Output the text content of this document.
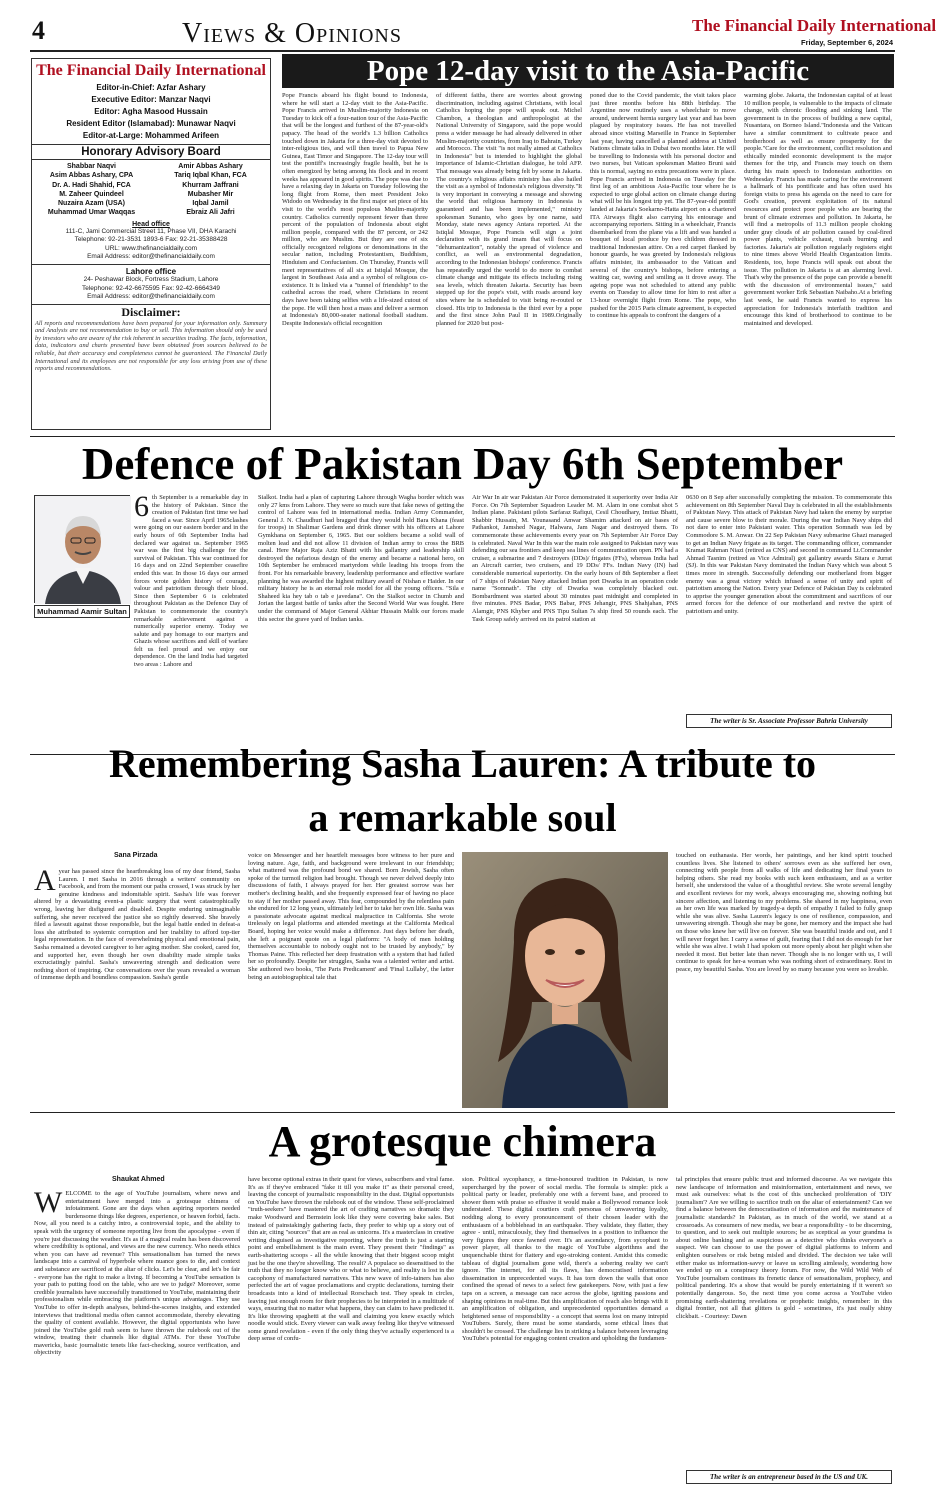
4	Views & Opinions	The Financial Daily International
Friday, September 6, 2024
The Financial Daily International
Editor-in-Chief: Azfar Ashary
Executive Editor: Manzar Naqvi
Editor: Agha Masood Hussain
Resident Editor (Islamabad): Munawar Naqvi
Editor-at-Large: Mohammed Arifeen
Honorary Advisory Board
Shabbar Naqvi
Asim Abbas Ashary, CPA
Dr. A. Hadi Shahid, FCA
M. Zaheer Quindeel
Nuzaira Azam (USA)
Muhammad Umar Waqqas
Amir Abbas Ashary
Tariq Iqbal Khan, FCA
Khurram Jaffrani
Mubasher Mir
Iqbal Jamil
Ebraiz Ali Jafri
Head office
111-C, Jami Commercial Street 11, Phase VII, DHA Karachi
Telephone: 92-21-3531 1893-6 Fax: 92-21-35388428
URL: www.thefinancialdaily.com
Email Address: editor@thefinancialdaily.com
Lahore office
24- Peshawar Block, Fortress Stadium, Lahore
Telephone: 92-42-6675595 Fax: 92-42-6664349
Email Address: editor@thefinancialdaily.com
Disclaimer:
All reports and recommendations have been prepared for your information only. Summary and Analysis are not recommendation to buy or sell. This information should only be used by investors who are aware of the risk inherent in securities trading. The facts, information, data, indicators and charts presented have been obtained from sources believed to be reliable, but their accuracy and completeness cannot be guaranteed. The Financial Daily International and its employees are not responsible for any loss arising from use of these reports and recommendations.
Pope 12-day visit to the Asia-Pacific
Pope Francis aboard his flight bound to Indonesia, where he will start a 12-day visit to the Asia-Pacific. Pope Francis arrived in Muslim-majority Indonesia on Tuesday to kick off a four-nation tour of the Asia-Pacific that will be the longest and furthest of the 87-year-old's papacy. The head of the world's 1.3 billion Catholics touched down in Jakarta for a three-day visit devoted to inter-religious ties, and will then travel to Papua New Guinea, East Timor and Singapore. The 12-day tour will test the pontiff's increasingly fragile health, but he is often energized by being among his flock and in recent weeks has appeared in good spirits. The pope was due to have a relaxing day in Jakarta on Tuesday following the long flight from Rome, then meet President Joko Widodo on Wednesday in the first major set piece of his visit to the world's most populous Muslim-majority country. Catholics currently represent fewer than three percent of the population of Indonesia about eight million people, compared with the 87 percent, or 242 million, who are Muslim. But they are one of six officially recognized religions or denominations in the secular nation, including Protestantism, Buddhism, Hinduism and Confucianism. On Thursday, Francis will meet representatives of all six at Istiqlal Mosque, the largest in Southeast Asia and a symbol of religious co-existence. It is linked via a "tunnel of friendship" to the cathedral across the road, where Christians in recent days have been taking selfies with a life-sized cutout of the pope. He will then host a mass and deliver a sermon at Indonesia's 80,000-seater national football stadium. Despite Indonesia's official recognition
of different faiths, there are worries about growing discrimination, including against Christians, with local Catholics hoping the pope will speak out. Michel Chambon, a theologian and anthropologist at the National University of Singapore, said the pope would press a wider message he had already delivered in other Muslim-majority countries, from Iraq to Bahrain, Turkey and Morocco. The visit "is not really aimed at Catholics in Indonesia" but is intended to highlight the global importance of Islamic-Christian dialogue, he told AFP. That message was already being felt by some in Jakarta. The country's religious affairs ministry has also hailed the visit as a symbol of Indonesia's religious diversity."It is very important in conveying a message and showing the world that religious harmony in Indonesia is guaranteed and has been implemented," ministry spokesman Sunanto, who goes by one name, said Monday, state news agency Antara reported. At the Istiqlal Mosque, Pope Francis will sign a joint declaration with its grand imam that will focus on "dehumanization", notably the spread of violence and conflict, as well as environmental degradation, according to the Indonesian bishops' conference. Francis has repeatedly urged the world to do more to combat climate change and mitigate its effects including rising sea levels, which threaten Jakarta. Security has been stepped up for the pope's visit, with roads around key sites where he is scheduled to visit being re-routed or closed. His trip to Indonesia is the third ever by a pope and the first since John Paul II in 1989.Originally planned for 2020 but post-
poned due to the Covid pandemic, the visit takes place just three months before his 88th birthday. The Argentine now routinely uses a wheelchair to move around, underwent hernia surgery last year and has been plagued by respiratory issues. He has not travelled abroad since visiting Marseille in France in September last year, having cancelled a planned address at United Nations climate talks in Dubai two months later. He will be travelling to Indonesia with his personal doctor and two nurses, but Vatican spokesman Matteo Bruni said this is normal, saying no extra precautions were in place. Pope Francis arrived in Indonesia on Tuesday for the first leg of an ambitious Asia-Pacific tour where he is expected to urge global action on climate change during what will be his longest trip yet. The 87-year-old pontiff landed at Jakarta's Soekarno-Hatta airport on a chartered ITA Airways flight also carrying his entourage and accompanying reporters. Sitting in a wheelchair, Francis disembarked from the plane via a lift and was handed a bouquet of local produce by two children dressed in traditional Indonesian attire. On a red carpet flanked by honour guards, he was greeted by Indonesia's religious affairs minister, its ambassador to the Vatican and several of the country's bishops, before entering a waiting car, waving and smiling as it drove away. The ageing pope was not scheduled to attend any public events on Tuesday to allow time for him to rest after a 13-hour overnight flight from Rome. The pope, who pushed for the 2015 Paris climate agreement, is expected to continue his appeals to confront the dangers of a
warming globe. Jakarta, the Indonesian capital of at least 10 million people, is vulnerable to the impacts of climate change, with chronic flooding and sinking land. The government is in the process of building a new capital, Nusantara, on Borneo Island."Indonesia and the Vatican have a similar commitment to cultivate peace and brotherhood as well as ensure prosperity for the people."Care for the environment, conflict resolution and ethically minded economic development is the major themes for the trip, and Francis may touch on them during his main speech to Indonesian authorities on Wednesday. Francis has made caring for the environment a hallmark of his pontificate and has often used his foreign visits to press his agenda on the need to care for God's creation, prevent exploitation of its natural resources and protect poor people who are bearing the brunt of climate extremes and pollution. In Jakarta, he will find a metropolis of 11.3 million people choking under gray clouds of air pollution caused by coal-fired power plants, vehicle exhaust, trash burning and factories. Jakarta's air pollution regularly registers eight to nine times above World Health Organization limits. Residents, too, hope Francis will speak out about the issue. The pollution in Jakarta is at an alarming level. That's why the presence of the pope can provide a benefit with the discussion of environmental issues," said government worker Erik Sebastian Naibaho.At a briefing last week, he said Francis wanted to express his appreciation for Indonesia's interfaith tradition and encourage this kind of brotherhood to continue to be maintained and developed.
Defence of Pakistan Day 6th September
Muhammad Aamir Sultan
6 th September is a remarkable day in the history of Pakistan. Since the creation of Pakistan first time we had faced a war. Since April 1965clashes were going on our eastern border and in the early hours of 6th September India had declared war against us. September 1965 war was the first big challenge for the survival of Pakistan. This war continued for 16 days and on 22nd September ceasefire ended this war. In those 16 days our armed forces wrote golden history of courage, valour and patriotism through their blood. Since then September 6 is celebrated throughout Pakistan as the Defence Day of Pakistan to commemorate the country's remarkable achievement against a numerically superior enemy. Today we salute and pay homage to our martyrs and Ghazis whose sacrifices and skill of warfare felt us feel proud and we enjoy our dependence. On the land India had targeted two areas : Lahore and
Sialkot. India had a plan of capturing Lahore through Wagha border which was only 27 kms from Lahore. They were so much sure that fake news of getting the control of Lahore was fed in international media. Indian Army Commander, General J. N. Chaudhuri had bragged that they would hold Bara Khana (feast for troops) in Shalimar Gardens and drink dinner with his officers at Lahore Gymkhana on September 6, 1965. But our soldiers became a solid wall of molten lead and did not allow 11 division of Indian army to cross the BRB canal. Here Major Raja Aziz Bhatti with his gallantry and leadership skill destroyed the nefarious design of the enemy and became a national hero, on 10th September he embraced martyrdom while leading his troops from the front. For his remarkable bravery, leadership performance and effective warfare planning he was awarded the highest military award of Nishan e Haider. In our military history he is an eternal role model for all the young officers. "Sila e Shaheed kia hey tab o tab e javedana". On the Sialkot sector in Chumb and Jorian the largest battle of tanks after the Second World War was fought. Here under the command of Major General Akhtar Hussain Malik our forces made this sector the grave yard of Indian tanks.
Air War In air war Pakistan Air Force demonstrated it superiority over India Air Force. On 7th September Squadron Leader M. M. Alam in one combat shot 5 Indian plane. Pakistani pilots Sarfaraz Rafiqui, Cesil Choudhary, Imtiaz Bhatti, Shabbir Hussain, M. Younasand Anwar Shamim attacked on air bases of Pathankot, Jamshed Nagar, Halwara, Jam Nagar and destroyed them. To commemorate these achievements every year on 7th September Air Force Day is celebrated. Naval War In this war the main role assigned to Pakistan navy was defending our sea frontiers and keep sea lines of communication open. PN had a cruiser, a submarine and 7 destroyers (DDs)/ frigates (FFs), whereas India had an Aircraft carrier, two cruisers, and 19 DDs/ FFs. Indian Navy (IN) had considerable numerical superiority. On the early hours of 8th September a fleet of 7 ships of Pakistan Navy attacked Indian port Dwarka in an operation code name "Somnath". The city of Dwarka was completely blacked out. Bombardment was started about 30 minutes past midnight and completed in five minutes. PNS Badar, PNS Babar, PNS Jehangir, PNS Shahjahan, PNS Alamgir, PNS Khyber and PNS Tipu Sultan 7s ship fired 50 rounds each. The Task Group safely arrived on its patrol station at
0630 on 8 Sep after successfully completing the mission. To commemorate this achievement on 8th September Naval Day is celebrated in all the establishments of Pakistan Navy. This attack of Pakistan Navy had taken the enemy by surprise and cause severe blow to their morale. During the war Indian Navy ships did not dare to enter into Pakistani water. This operation Somnath was led by Commodore S. M. Anwar. On 22 Sep Pakistan Navy submarine Ghazi managed to get an Indian Navy frigate as its target. The commanding officer, commander Kramat Rahman Niazi (retired as CNS) and second in command Lt.Commander Ahmad Tasnim (retired as Vice Admiral) got gallantry awards Sitara e Jurrat (SJ). In this war Pakistan Navy dominated the Indian Navy which was about 5 times more in strength. Successfully defending our motherland from bigger enemy was a great victory which infused a sense of unity and spirit of patriotism among the Nation. Every year Defence of Pakistan Day is celebrated to apprise the younger generation about the commitment and sacrifices of our armed forces for the defence of our motherland and revive the spirit of patriotism and unity.
The writer is Sr. Associate Professor Bahria University
Remembering Sasha Lauren: A tribute to
a remarkable soul
Sana Pirzada
Ayear has passed since the heartbreaking loss of my dear friend, Sasha Lauren. I met Sasha in 2016 through a writers' community on Facebook, and from the moment our paths crossed, I was struck by her genuine kindness and indomitable spirit. Sasha's life was forever altered by a devastating event-a plastic surgery that went catastrophically wrong, leaving her disfigured and disabled. Despite enduring unimaginable suffering, she never received the justice she so rightly deserved. She bravely filed a lawsuit against those responsible, but the legal battle ended in defeat-a loss she attributed to systemic corruption and her inability to afford top-tier legal representation. In the face of overwhelming physical and emotional pain, Sasha remained a devoted caregiver to her aging mother. She cooked, cared for, and supported her, even though her own disability made simple tasks excruciatingly painful. Sasha's unwavering strength and dedication were nothing short of inspiring. Our conversations over the years revealed a woman of immense depth and boundless compassion. Sasha's gentle
voice on Messenger and her heartfelt messages bore witness to her pure and loving nature. Age, faith, and background were irrelevant in our friendship; what mattered was the profound bond we shared. Born Jewish, Sasha often spoke of the turmoil religion had brought. Though we never delved deeply into discussions of faith, I always prayed for her. Her greatest sorrow was her mother's declining health, and she frequently expressed fear of having no place to stay if her mother passed away. This fear, compounded by the relentless pain she endured for 12 long years, ultimately led her to take her own life. Sasha was a passionate advocate against medical malpractice in California. She wrote tirelessly on legal platforms and attended meetings at the California Medical Board, hoping her voice would make a difference. Just days before her death, she left a poignant quote on a legal platform: "A body of men holding themselves accountable to nobody ought not to be trusted by anybody," by Thomas Paine. This reflected her deep frustration with a system that had failed her so profoundly. Despite her struggles, Sasha was a talented writer and artist. She authored two books, 'The Paris Predicament' and 'Final Lullaby', the latter being an autobiographical tale that
touched on euthanasia. Her words, her paintings, and her kind spirit touched countless lives. She listened to others' sorrows even as she suffered her own, connecting with people from all walks of life and dedicating her final years to helping others. She read my books with such keen enthusiasm, and as a writer herself, she understood the value of a thoughtful review. She wrote several lengthy and excellent reviews for my work, always encouraging me, showing nothing but sincere affection, and listening to my problems. She shared in my happiness, even as her own life was marked by tragedy-a depth of empathy I failed to fully grasp while she was alive. Sasha Lauren's legacy is one of resilience, compassion, and unwavering strength. Though she may be gone, her memory and the impact she had on those who knew her will live on forever. She was beautiful inside and out, and I will never forget her. I carry a sense of guilt, fearing that I did not do enough for her while she was alive. I wish I had spoken out more openly about her plight when she needed it most. But better late than never. Though she is no longer with us, I will continue to speak for her-a woman who was nothing short of extraordinary. Rest in peace, my beautiful Sasha. You are loved by so many because you were so lovable.
A grotesque chimera
Shaukat Ahmed
WELCOME to the age of YouTube journalism, where news and entertainment have merged into a grotesque chimera of infotainment. Gone are the days when aspiring reporters needed burdensome things like degrees, experience, or heaven forbid, facts. Now, all you need is a catchy intro, a controversial topic, and the ability to speak with the urgency of someone reporting live from the apocalypse - even if you're just discussing the weather. It's as if a magical realm has been discovered where credibility is optional, and views are the new currency. Who needs ethics when you can have ad revenue? This sensationalism has turned the news landscape into a carnival of hyperbole where nuance goes to die, and context and substance are sacrificed at the altar of clicks. Let's be clear, and let's be fair - everyone has the right to make a living. If becoming a YouTube sensation is your path to putting food on the table, who are we to judge? Moreover, some credible journalists have successfully transitioned to YouTube, maintaining their professionalism while embracing the platform's unique advantages. They use YouTube to offer in-depth analyses, behind-the-scenes insights, and extended interviews that traditional media often cannot accommodate, thereby elevating the quality of content available. However, the digital opportunists who have joined the YouTube gold rush seem to have thrown the rulebook out of the window, treating their channels like digital ATMs. For these YouTube mavericks, basic journalistic tenets like fact-checking, source verification, and objectivity
have become optional extras in their quest for views, subscribers and viral fame. It's as if they've embraced "fake it till you make it" as their personal creed, leaving the concept of journalistic responsibility in the dust. Digital opportunists on YouTube have thrown the rulebook out of the window. These self-proclaimed "truth-seekers" have mastered the art of crafting narratives so dramatic they make Woodward and Bernstein look like they were covering bake sales. But instead of painstakingly gathering facts, they prefer to whip up a story out of thin air, citing "sources" that are as real as unicorns. It's a masterclass in creative writing disguised as investigative reporting, where the truth is just a starting point and embellishment is the main event. They present their "findings" as earth-shattering scoops - all the while knowing that their biggest scoop might just be the one they're shovelling. The result? A populace so desensitised to the truth that they no longer know who or what to believe, and reality is lost in the cacophony of manufactured narratives. This new wave of info-tainers has also perfected the art of vague proclamations and cryptic declarations, turning their broadcasts into a kind of intellectual Rorschach test. They speak in circles, leaving just enough room for their prophecies to be interpreted in a multitude of ways, ensuring that no matter what happens, they can claim to have predicted it. It's like throwing spaghetti at the wall and claiming you knew exactly which noodle would stick. Every viewer can walk away feeling like they've witnessed some grand revelation - even if the only thing they've actually experienced is a deep sense of confu-
sion. Political sycophancy, a time-honoured tradition in Pakistan, is now supercharged by the power of social media. The formula is simple: pick a political party or leader, preferably one with a fervent base, and proceed to shower them with praise so effusive it would make a Bollywood romance look understated. These digital courtiers craft personas of unwavering loyalty, nodding along to every pronouncement of their chosen leader with the enthusiasm of a bobblehead in an earthquake. They validate, they flatter, they agree - until, miraculously, they find themselves in a position to influence the very figures they once fawned over. It's an ascendancy, from sycophant to power player, all thanks to the magic of YouTube algorithms and the unquenchable thirst for flattery and ego-stroking content. Amidst this comedic tableau of digital journalism gone wild, there's a sobering reality we can't ignore. The internet, for all its flaws, has democratised information dissemination in unprecedented ways. It has torn down the walls that once confined the spread of news to a select few gatekeepers. Now, with just a few taps on a screen, a message can race across the globe, igniting passions and shaping opinions in real-time. But this amplification of reach also brings with it an amplification of obligation, and unprecedented opportunities demand a heightened sense of responsibility - a concept that seems lost on many intrepid YouTubers. Surely, there must be some standards, some ethical lines that shouldn't be crossed. The challenge lies in striking a balance between leveraging YouTube's potential for engaging content creation and upholding the fundamen-
tal principles that ensure public trust and informed discourse. As we navigate this new landscape of information and misinformation, entertainment and news, we must ask ourselves: what is the cost of this unchecked proliferation of 'DIY journalism'? Are we willing to sacrifice truth on the altar of entertainment? Can we find a balance between the democratisation of information and the maintenance of journalistic standards? In Pakistan, as in much of the world, we stand at a crossroads. As consumers of new media, we bear a responsibility - to be discerning, to question, and to seek out multiple sources; be as sceptical as your grandma is about online banking and as suspicious as a detective who thinks everyone's a suspect. We can choose to use the power of digital platforms to inform and enlighten ourselves or risk being misled and divided. The decision we take will either make us information-savvy or leave us scrolling aimlessly, wondering how we ended up on a conspiracy theory forum. For now, the Wild Wild Web of YouTube journalism continues its frenetic dance of sensationalism, prophecy, and political pandering. It's a show that would be purely entertaining if it weren't so potentially dangerous. So, the next time you come across a YouTube video promising earth-shattering revelations or prophetic insights, remember: in this digital frontier, not all that glitters is gold - sometimes, it's just really shiny clickbait. - Courtesy: Dawn
The writer is an entrepreneur based in the US and UK.
